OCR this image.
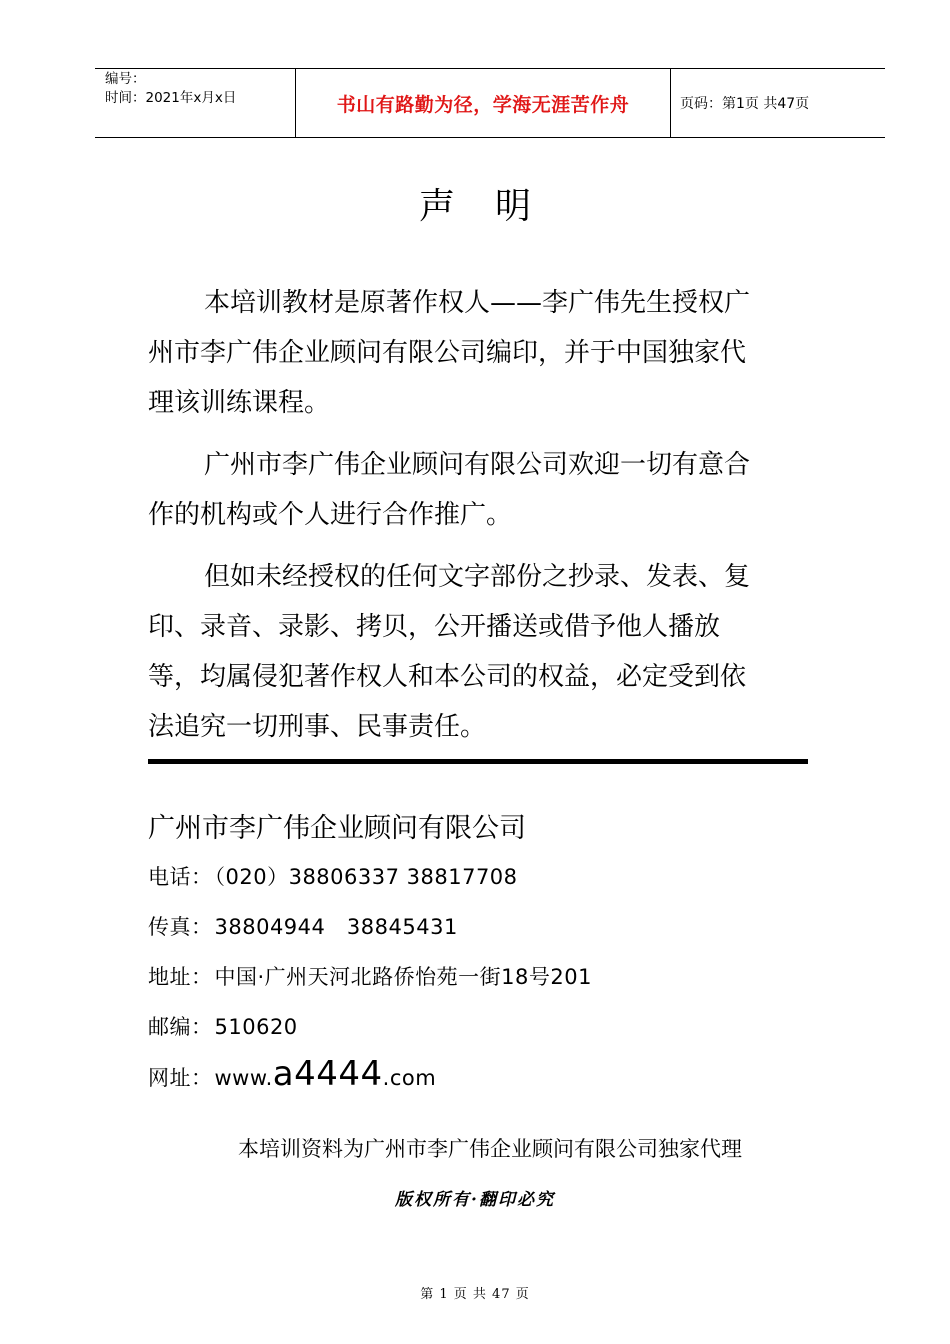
编号：
时间：2021年x月x日	书山有路勤为径，学海无涯苦作舟	页码：第1页 共47页
声明

本培训教材是原著作权人——李广伟先生授权广州市李广伟企业顾问有限公司编印，并于中国独家代理该训练课程。

广州市李广伟企业顾问有限公司欢迎一切有意合作的机构或个人进行合作推广。

但如未经授权的任何文字部份之抄录、发表、复印、录音、录影、拷贝，公开播送或借予他人播放等，均属侵犯著作权人和本公司的权益，必定受到依法追究一切刑事、民事责任。

广州市李广伟企业顾问有限公司
电话：（020）38806337 38817708
传真：38804944   38845431
地址：中国·广州天河北路侨怡苑一街18号201
邮编：510620
网址：www.a4444.com
本培训资料为广州市李广伟企业顾问有限公司独家代理
版权所有·翻印必究
第 1 页 共 47 页
